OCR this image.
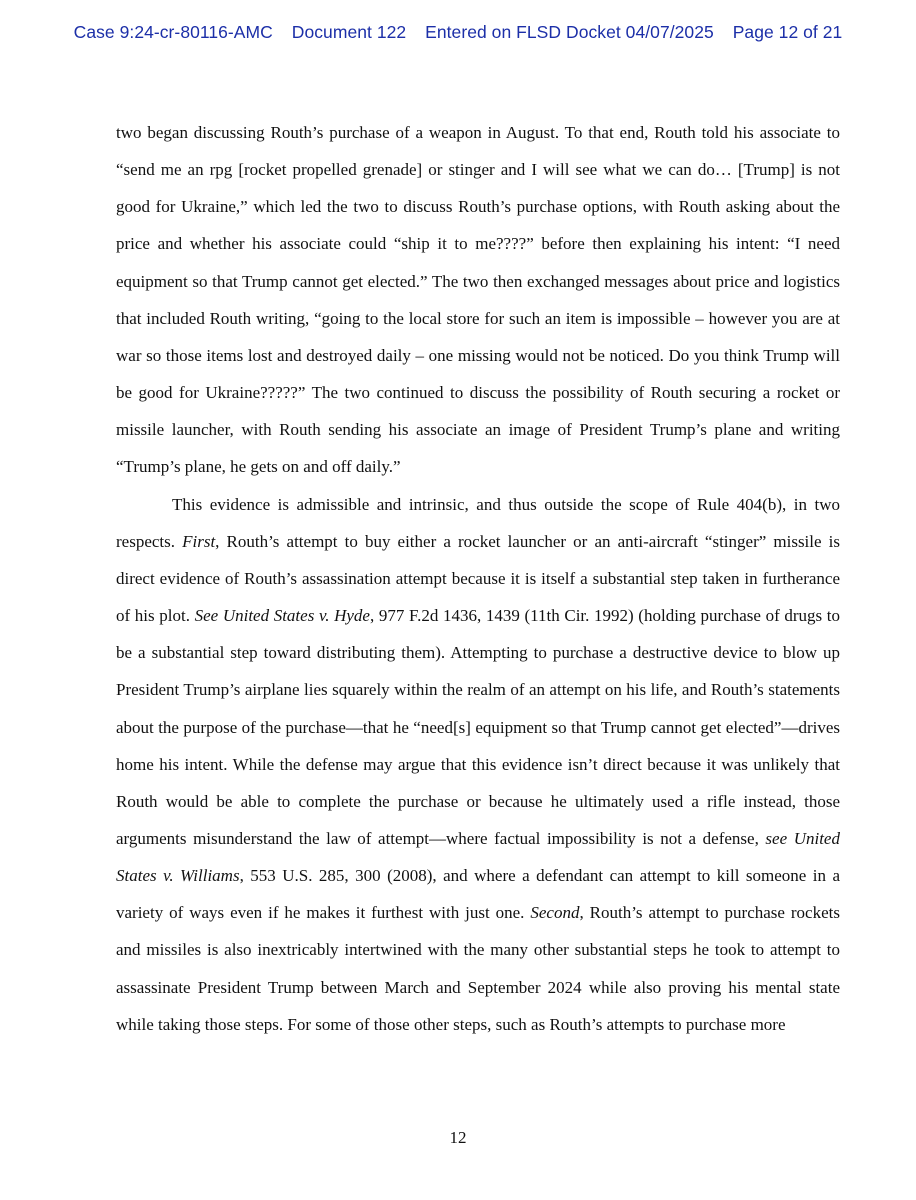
Case 9:24-cr-80116-AMC Document 122 Entered on FLSD Docket 04/07/2025 Page 12 of 21

two began discussing Routh’s purchase of a weapon in August. To that end, Routh told his associate to “send me an rpg [rocket propelled grenade] or stinger and I will see what we can do… [Trump] is not good for Ukraine,” which led the two to discuss Routh’s purchase options, with Routh asking about the price and whether his associate could “ship it to me????” before then explaining his intent: “I need equipment so that Trump cannot get elected.” The two then exchanged messages about price and logistics that included Routh writing, “going to the local store for such an item is impossible – however you are at war so those items lost and destroyed daily – one missing would not be noticed. Do you think Trump will be good for Ukraine?????” The two continued to discuss the possibility of Routh securing a rocket or missile launcher, with Routh sending his associate an image of President Trump’s plane and writing “Trump’s plane, he gets on and off daily.”

This evidence is admissible and intrinsic, and thus outside the scope of Rule 404(b), in two respects. First, Routh’s attempt to buy either a rocket launcher or an anti-aircraft “stinger” missile is direct evidence of Routh’s assassination attempt because it is itself a substantial step taken in furtherance of his plot. See United States v. Hyde, 977 F.2d 1436, 1439 (11th Cir. 1992) (holding purchase of drugs to be a substantial step toward distributing them). Attempting to purchase a destructive device to blow up President Trump’s airplane lies squarely within the realm of an attempt on his life, and Routh’s statements about the purpose of the purchase—that he “need[s] equipment so that Trump cannot get elected”—drives home his intent. While the defense may argue that this evidence isn’t direct because it was unlikely that Routh would be able to complete the purchase or because he ultimately used a rifle instead, those arguments misunderstand the law of attempt—where factual impossibility is not a defense, see United States v. Williams, 553 U.S. 285, 300 (2008), and where a defendant can attempt to kill someone in a variety of ways even if he makes it furthest with just one. Second, Routh’s attempt to purchase rockets and missiles is also inextricably intertwined with the many other substantial steps he took to attempt to assassinate President Trump between March and September 2024 while also proving his mental state while taking those steps. For some of those other steps, such as Routh’s attempts to purchase more

12
